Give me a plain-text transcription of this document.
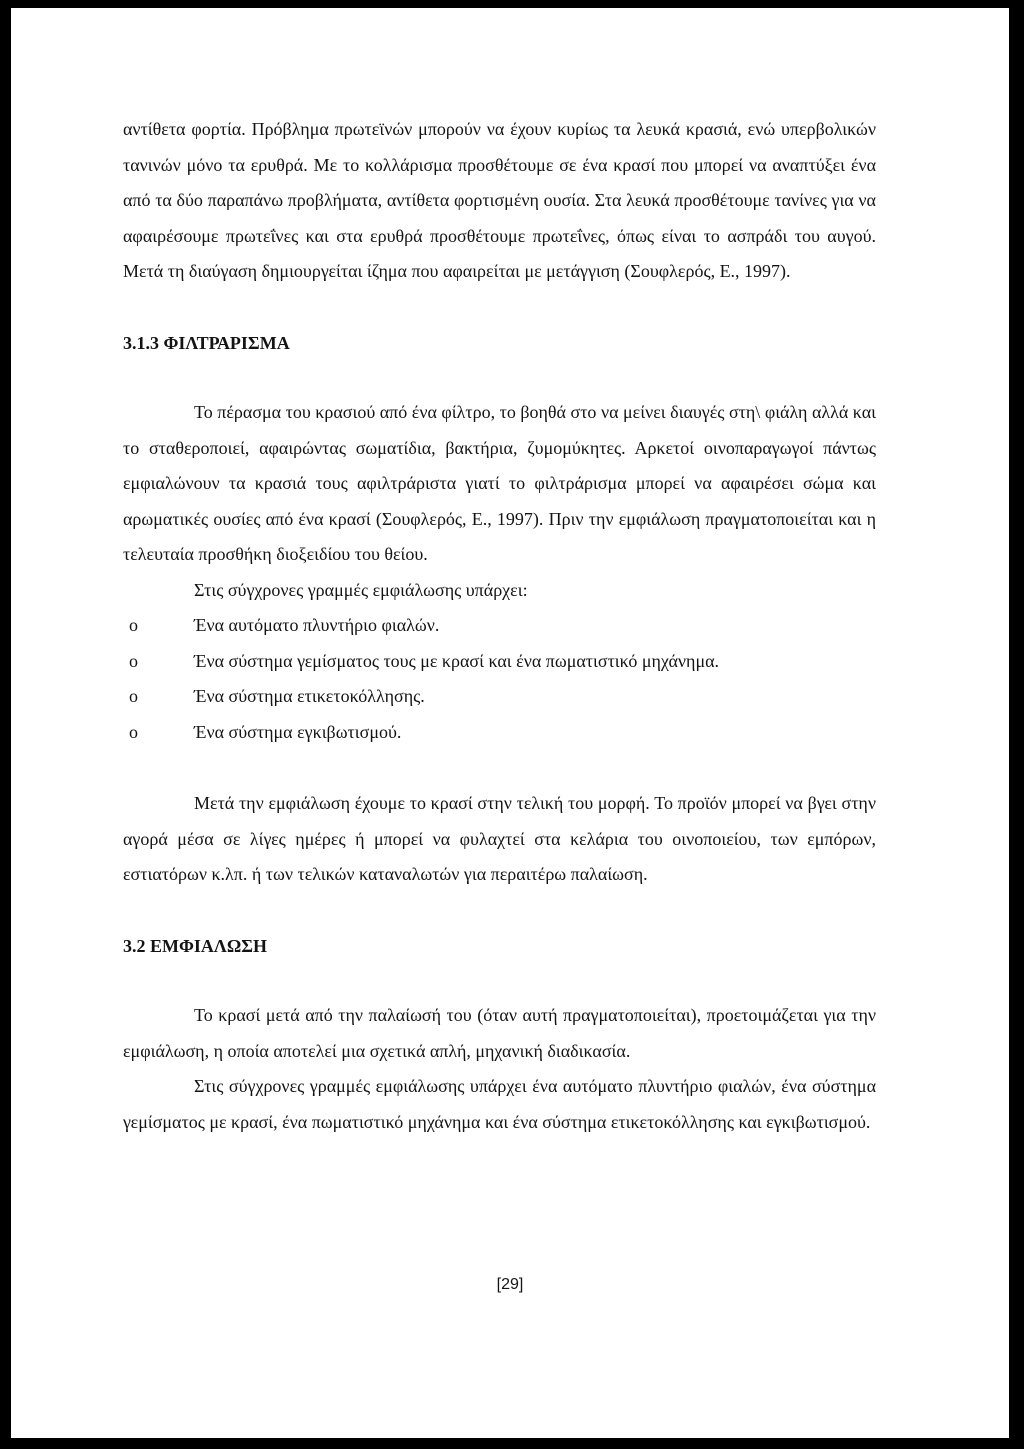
αντίθετα φορτία. Πρόβλημα πρωτεϊνών μπορούν να έχουν κυρίως τα λευκά κρασιά, ενώ υπερβολικών τανινών μόνο τα ερυθρά. Με το κολλάρισμα προσθέτουμε σε ένα κρασί που μπορεί να αναπτύξει ένα από τα δύο παραπάνω προβλήματα, αντίθετα φορτισμένη ουσία. Στα λευκά προσθέτουμε τανίνες για να αφαιρέσουμε πρωτεΐνες και στα ερυθρά προσθέτουμε πρωτεΐνες, όπως είναι το ασπράδι του αυγού. Μετά τη διαύγαση δημιουργείται ίζημα που αφαιρείται με μετάγγιση (Σουφλερός, Ε., 1997).

3.1.3 ΦΙΛΤΡΑΡΙΣΜΑ

Το πέρασμα του κρασιού από ένα φίλτρο, το βοηθά στο να μείνει διαυγές στη\ φιάλη αλλά και το σταθεροποιεί, αφαιρώντας σωματίδια, βακτήρια, ζυμομύκητες. Αρκετοί οινοπαραγωγοί πάντως εμφιαλώνουν τα κρασιά τους αφιλτράριστα γιατί το φιλτράρισμα μπορεί να αφαιρέσει σώμα και αρωματικές ουσίες από ένα κρασί (Σουφλερός, Ε., 1997). Πριν την εμφιάλωση πραγματοποιείται και η τελευταία προσθήκη διοξειδίου του θείου.

Στις σύγχρονες γραμμές εμφιάλωσης υπάρχει:

o	Ένα αυτόματο πλυντήριο φιαλών.
o	Ένα σύστημα γεμίσματος τους με κρασί και ένα πωματιστικό μηχάνημα.
o	Ένα σύστημα ετικετοκόλλησης.
o	Ένα σύστημα εγκιβωτισμού.

Μετά την εμφιάλωση έχουμε το κρασί στην τελική του μορφή. Το προϊόν μπορεί να βγει στην αγορά μέσα σε λίγες ημέρες ή μπορεί να φυλαχτεί στα κελάρια του οινοποιείου, των εμπόρων, εστιατόρων κ.λπ. ή των τελικών καταναλωτών για περαιτέρω παλαίωση.

3.2 ΕΜΦΙΑΛΩΣΗ

Το κρασί μετά από την παλαίωσή του (όταν αυτή πραγματοποιείται), προετοιμάζεται για την εμφιάλωση, η οποία αποτελεί μια σχετικά απλή, μηχανική διαδικασία.

Στις σύγχρονες γραμμές εμφιάλωσης υπάρχει ένα αυτόματο πλυντήριο φιαλών, ένα σύστημα γεμίσματος με κρασί, ένα πωματιστικό μηχάνημα και ένα σύστημα ετικετοκόλλησης και εγκιβωτισμού.

[29]
